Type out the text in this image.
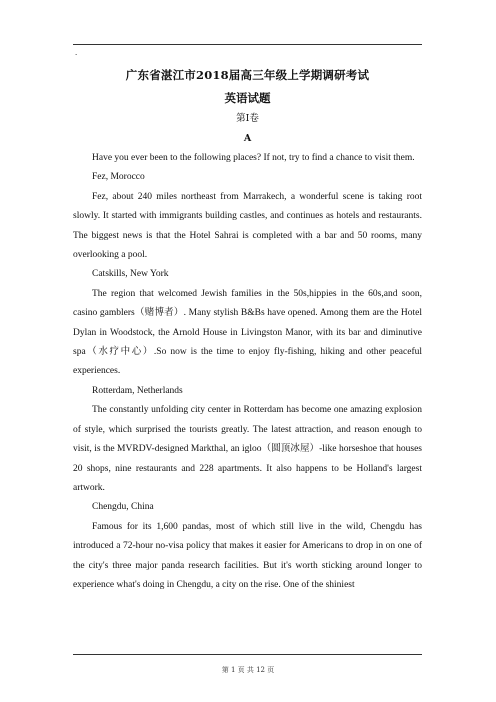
·
广东省湛江市2018届高三年级上学期调研考试
英语试题
第Ⅰ卷
A

Have you ever been to the following places? If not, try to find a chance to visit them.

Fez, Morocco

Fez, about 240 miles northeast from Marrakech, a wonderful scene is taking root slowly. It started with immigrants building castles, and continues as hotels and restaurants. The biggest news is that the Hotel Sahrai is completed with a bar and 50 rooms, many overlooking a pool.

Catskills, New York

The region that welcomed Jewish families in the 50s,hippies in the 60s,and soon, casino gamblers（赌博者）. Many stylish B&Bs have opened. Among them are the Hotel Dylan in Woodstock, the Arnold House in Livingston Manor, with its bar and diminutive spa（水疗中心）.So now is the time to enjoy fly-fishing, hiking and other peaceful experiences.

Rotterdam, Netherlands

The constantly unfolding city center in Rotterdam has become one amazing explosion of style, which surprised the tourists greatly. The latest attraction, and reason enough to visit, is the MVRDV-designed Markthal, an igloo（圆顶冰屋）-like horseshoe that houses 20 shops, nine restaurants and 228 apartments. It also happens to be Holland's largest artwork.

Chengdu, China

Famous for its 1,600 pandas, most of which still live in the wild, Chengdu has introduced a 72-hour no-visa policy that makes it easier for Americans to drop in on one of the city's three major panda research facilities. But it's worth sticking around longer to experience what's doing in Chengdu, a city on the rise. One of the shiniest

第 1 页 共 12 页
